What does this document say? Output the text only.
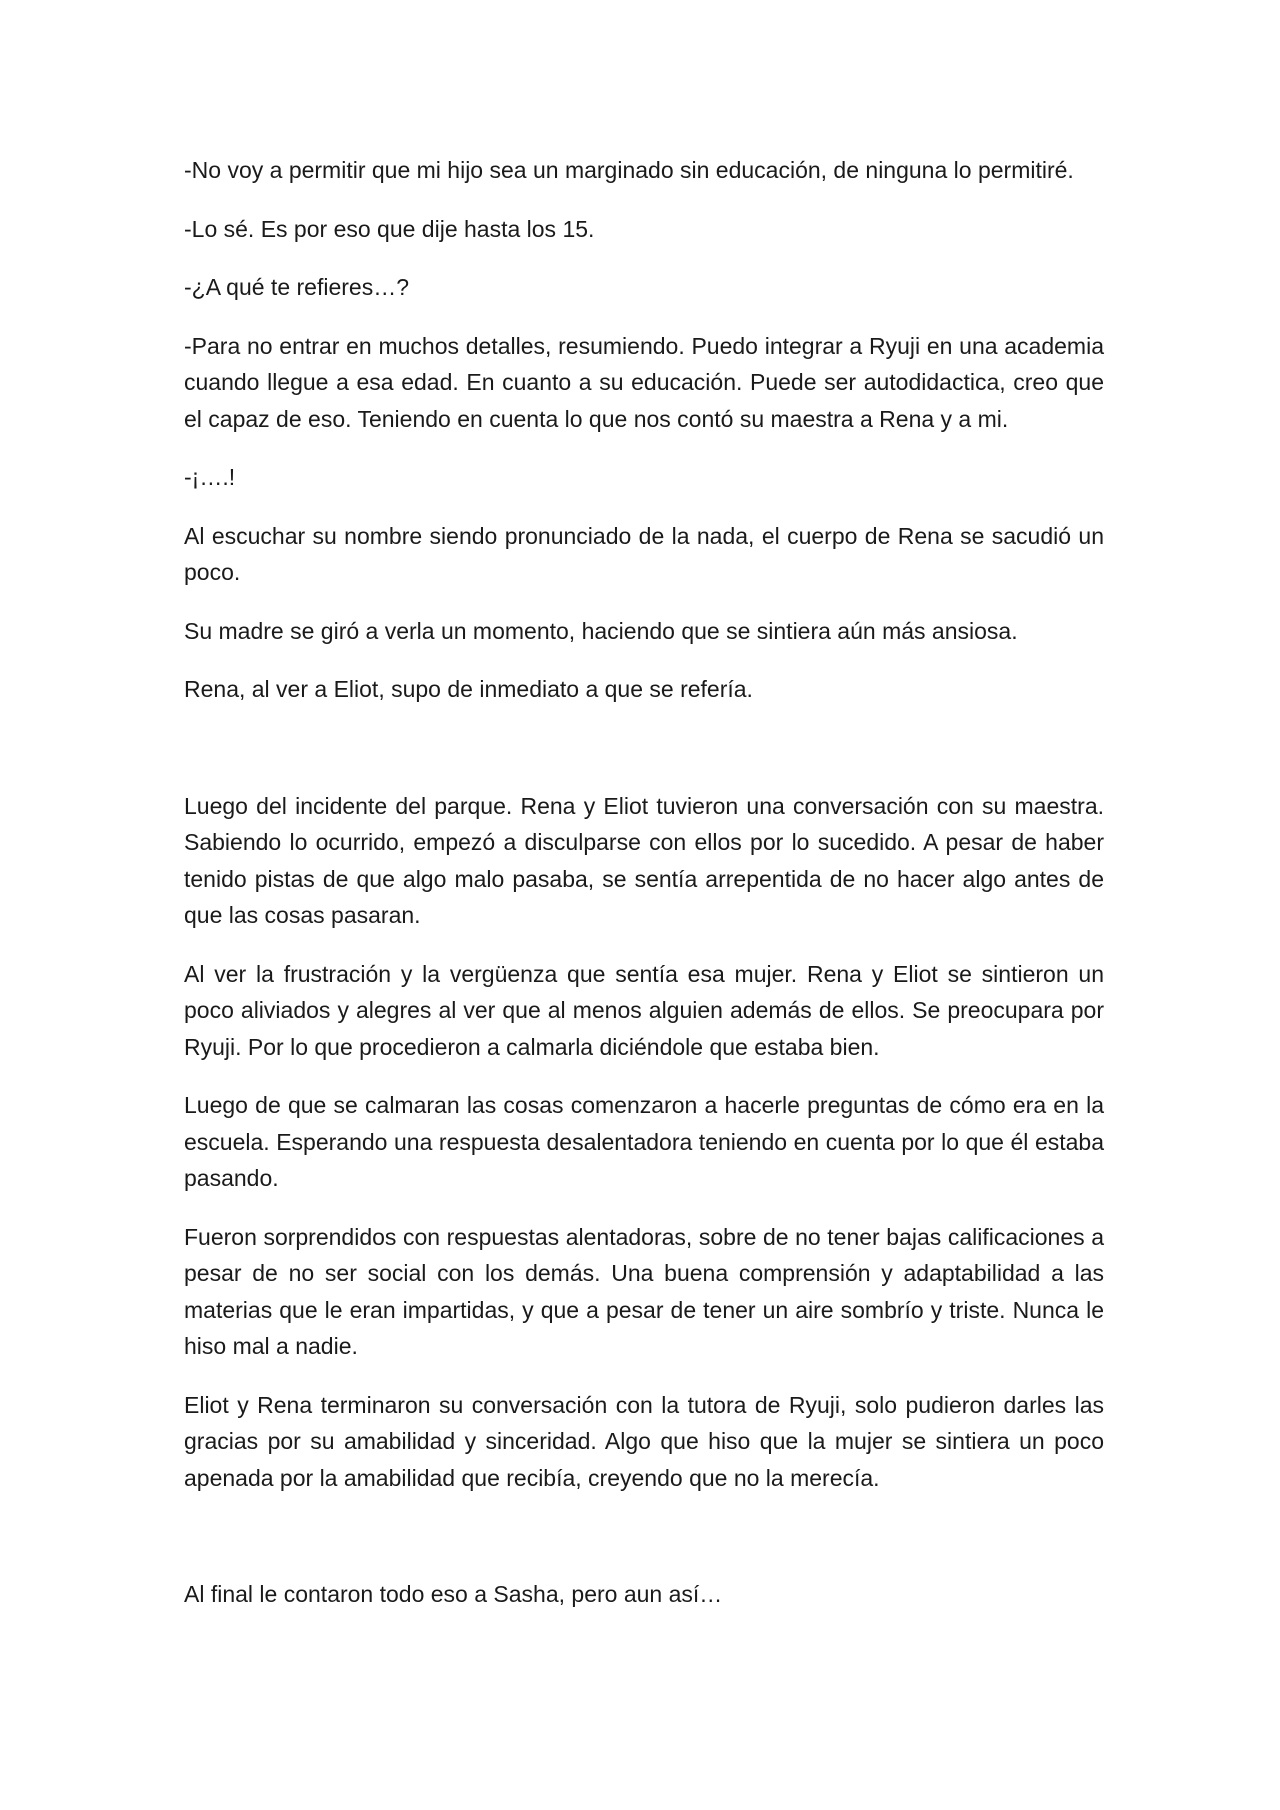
-No voy a permitir que mi hijo sea un marginado sin educación, de ninguna lo permitiré.

-Lo sé. Es por eso que dije hasta los 15.

-¿A qué te refieres…?

-Para no entrar en muchos detalles, resumiendo. Puedo integrar a Ryuji en una academia cuando llegue a esa edad. En cuanto a su educación. Puede ser autodidactica, creo que el capaz de eso. Teniendo en cuenta lo que nos contó su maestra a Rena y a mi.

-¡….!

Al escuchar su nombre siendo pronunciado de la nada, el cuerpo de Rena se sacudió un poco.

Su madre se giró a verla un momento, haciendo que se sintiera aún más ansiosa.

Rena, al ver a Eliot, supo de inmediato a que se refería.

Luego del incidente del parque. Rena y Eliot tuvieron una conversación con su maestra. Sabiendo lo ocurrido, empezó a disculparse con ellos por lo sucedido. A pesar de haber tenido pistas de que algo malo pasaba, se sentía arrepentida de no hacer algo antes de que las cosas pasaran.

Al ver la frustración y la vergüenza que sentía esa mujer. Rena y Eliot se sintieron un poco aliviados y alegres al ver que al menos alguien además de ellos. Se preocupara por Ryuji. Por lo que procedieron a calmarla diciéndole que estaba bien.

Luego de que se calmaran las cosas comenzaron a hacerle preguntas de cómo era en la escuela. Esperando una respuesta desalentadora teniendo en cuenta por lo que él estaba pasando.

Fueron sorprendidos con respuestas alentadoras, sobre de no tener bajas calificaciones a pesar de no ser social con los demás. Una buena comprensión y adaptabilidad a las materias que le eran impartidas, y que a pesar de tener un aire sombrío y triste. Nunca le hiso mal a nadie.

Eliot y Rena terminaron su conversación con la tutora de Ryuji, solo pudieron darles las gracias por su amabilidad y sinceridad. Algo que hiso que la mujer se sintiera un poco apenada por la amabilidad que recibía, creyendo que no la merecía.

Al final le contaron todo eso a Sasha, pero aun así…
